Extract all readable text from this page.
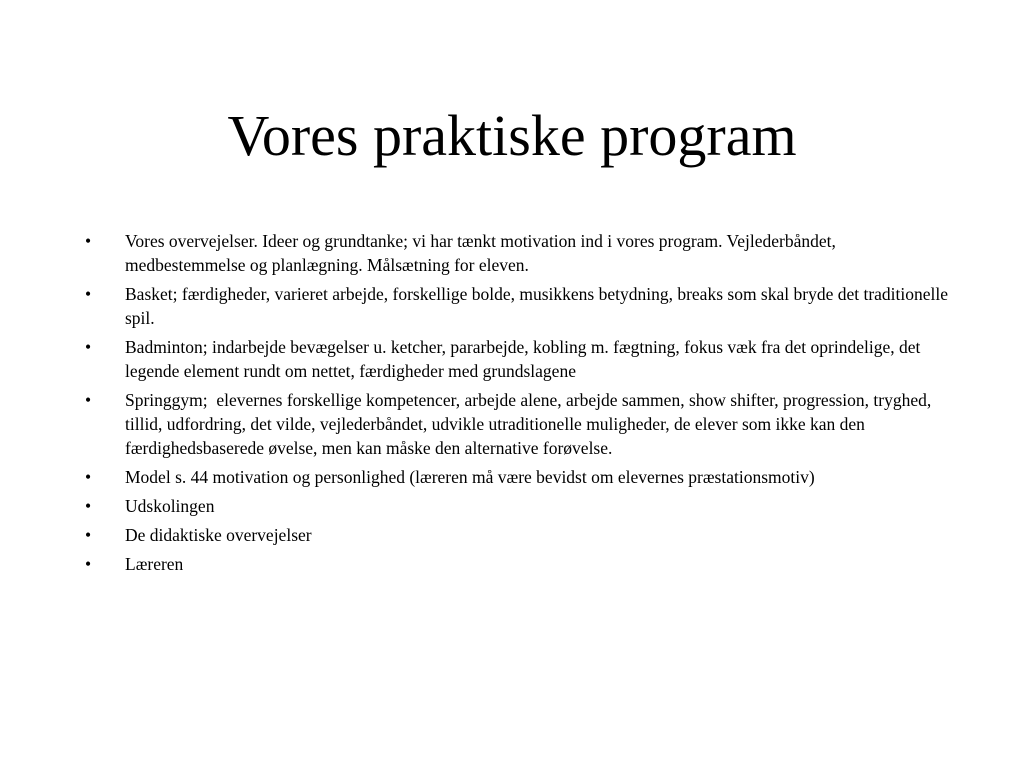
Vores praktiske program
•	Vores overvejelser. Ideer og grundtanke; vi har tænkt motivation ind i vores program. Vejlederbåndet, medbestemmelse og planlægning. Målsætning for eleven.
•	Basket; færdigheder, varieret arbejde, forskellige bolde, musikkens betydning, breaks som skal bryde det traditionelle spil.
•	Badminton; indarbejde bevægelser u. ketcher, pararbejde, kobling m. fægtning, fokus væk fra det oprindelige, det legende element rundt om nettet, færdigheder med grundslagene
•	Springgym;  elevernes forskellige kompetencer, arbejde alene, arbejde sammen, show shifter, progression, tryghed, tillid, udfordring, det vilde, vejlederbåndet, udvikle utraditionelle muligheder, de elever som ikke kan den færdighedsbaserede øvelse, men kan måske den alternative forøvelse.
•	Model s. 44 motivation og personlighed (læreren må være bevidst om elevernes præstationsmotiv)
•	Udskolingen
•	De didaktiske overvejelser
•	Læreren
